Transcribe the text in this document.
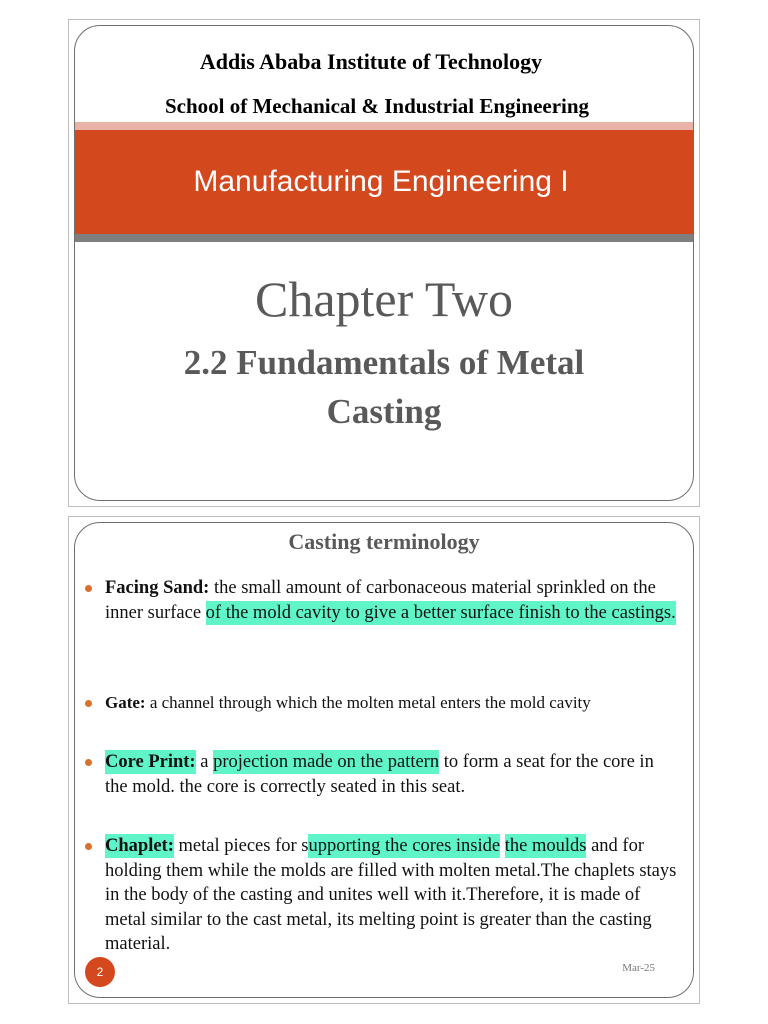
Addis Ababa Institute of Technology
School of Mechanical & Industrial Engineering
Manufacturing Engineering I
Chapter Two
2.2 Fundamentals of Metal
Casting
Casting terminology
Facing Sand: the small amount of carbonaceous material sprinkled on the inner surface of the mold cavity to give a better surface finish to the castings.
Gate: a channel through which the molten metal enters the mold cavity
Core Print: a projection made on the pattern to form a seat for the core in the mold. the core is correctly seated in this seat.
Chaplet: metal pieces for supporting the cores inside the moulds and for holding them while the molds are filled with molten metal.The chaplets stays in the body of the casting and unites well with it.Therefore, it is made of metal similar to the cast metal, its melting point is greater than the casting material.
2	Mar-25
